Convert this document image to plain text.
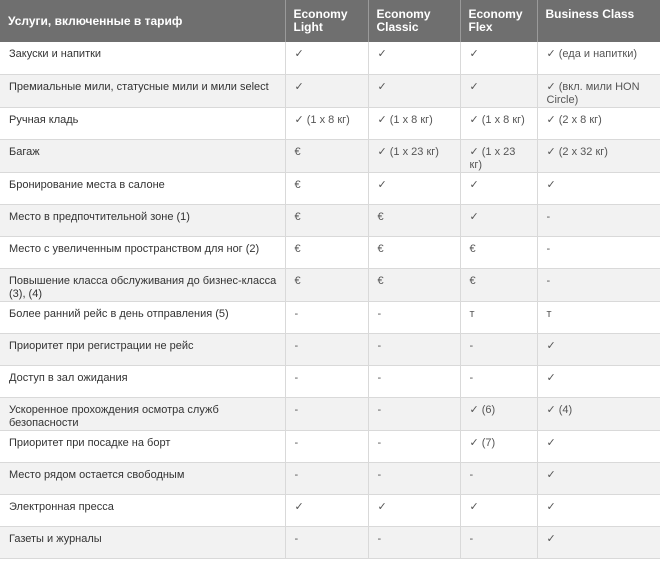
Услуги, включенные в тариф	Economy Light	Economy Classic	Economy Flex	Business Class
Закуски и напитки	✓	✓	✓	✓ (еда и напитки)
Премиальные мили, статусные мили и мили select	✓	✓	✓	✓ (вкл. мили HON Circle)
Ручная кладь	✓ (1 x 8 кг)	✓ (1 x 8 кг)	✓ (1 x 8 кг)	✓ (2 x 8 кг)
Багаж	€	✓ (1 x 23 кг)	✓ (1 x 23 кг)	✓ (2 x 32 кг)
Бронирование места в салоне	€	✓	✓	✓
Место в предпочтительной зоне (1)	€	€	✓	-
Место с увеличенным пространством для ног (2)	€	€	€	-
Повышение класса обслуживания до бизнес-класса (3), (4)	€	€	€	-
Более ранний рейс в день отправления (5)	-	-	т	т
Приоритет при регистрации не рейс	-	-	-	✓
Доступ в зал ожидания	-	-	-	✓
Ускоренное прохождения осмотра служб безопасности	-	-	✓ (6)	✓ (4)
Приоритет при посадке на борт	-	-	✓ (7)	✓
Место рядом остается свободным	-	-	-	✓
Электронная пресса	✓	✓	✓	✓
Газеты и журналы	-	-	-	✓
